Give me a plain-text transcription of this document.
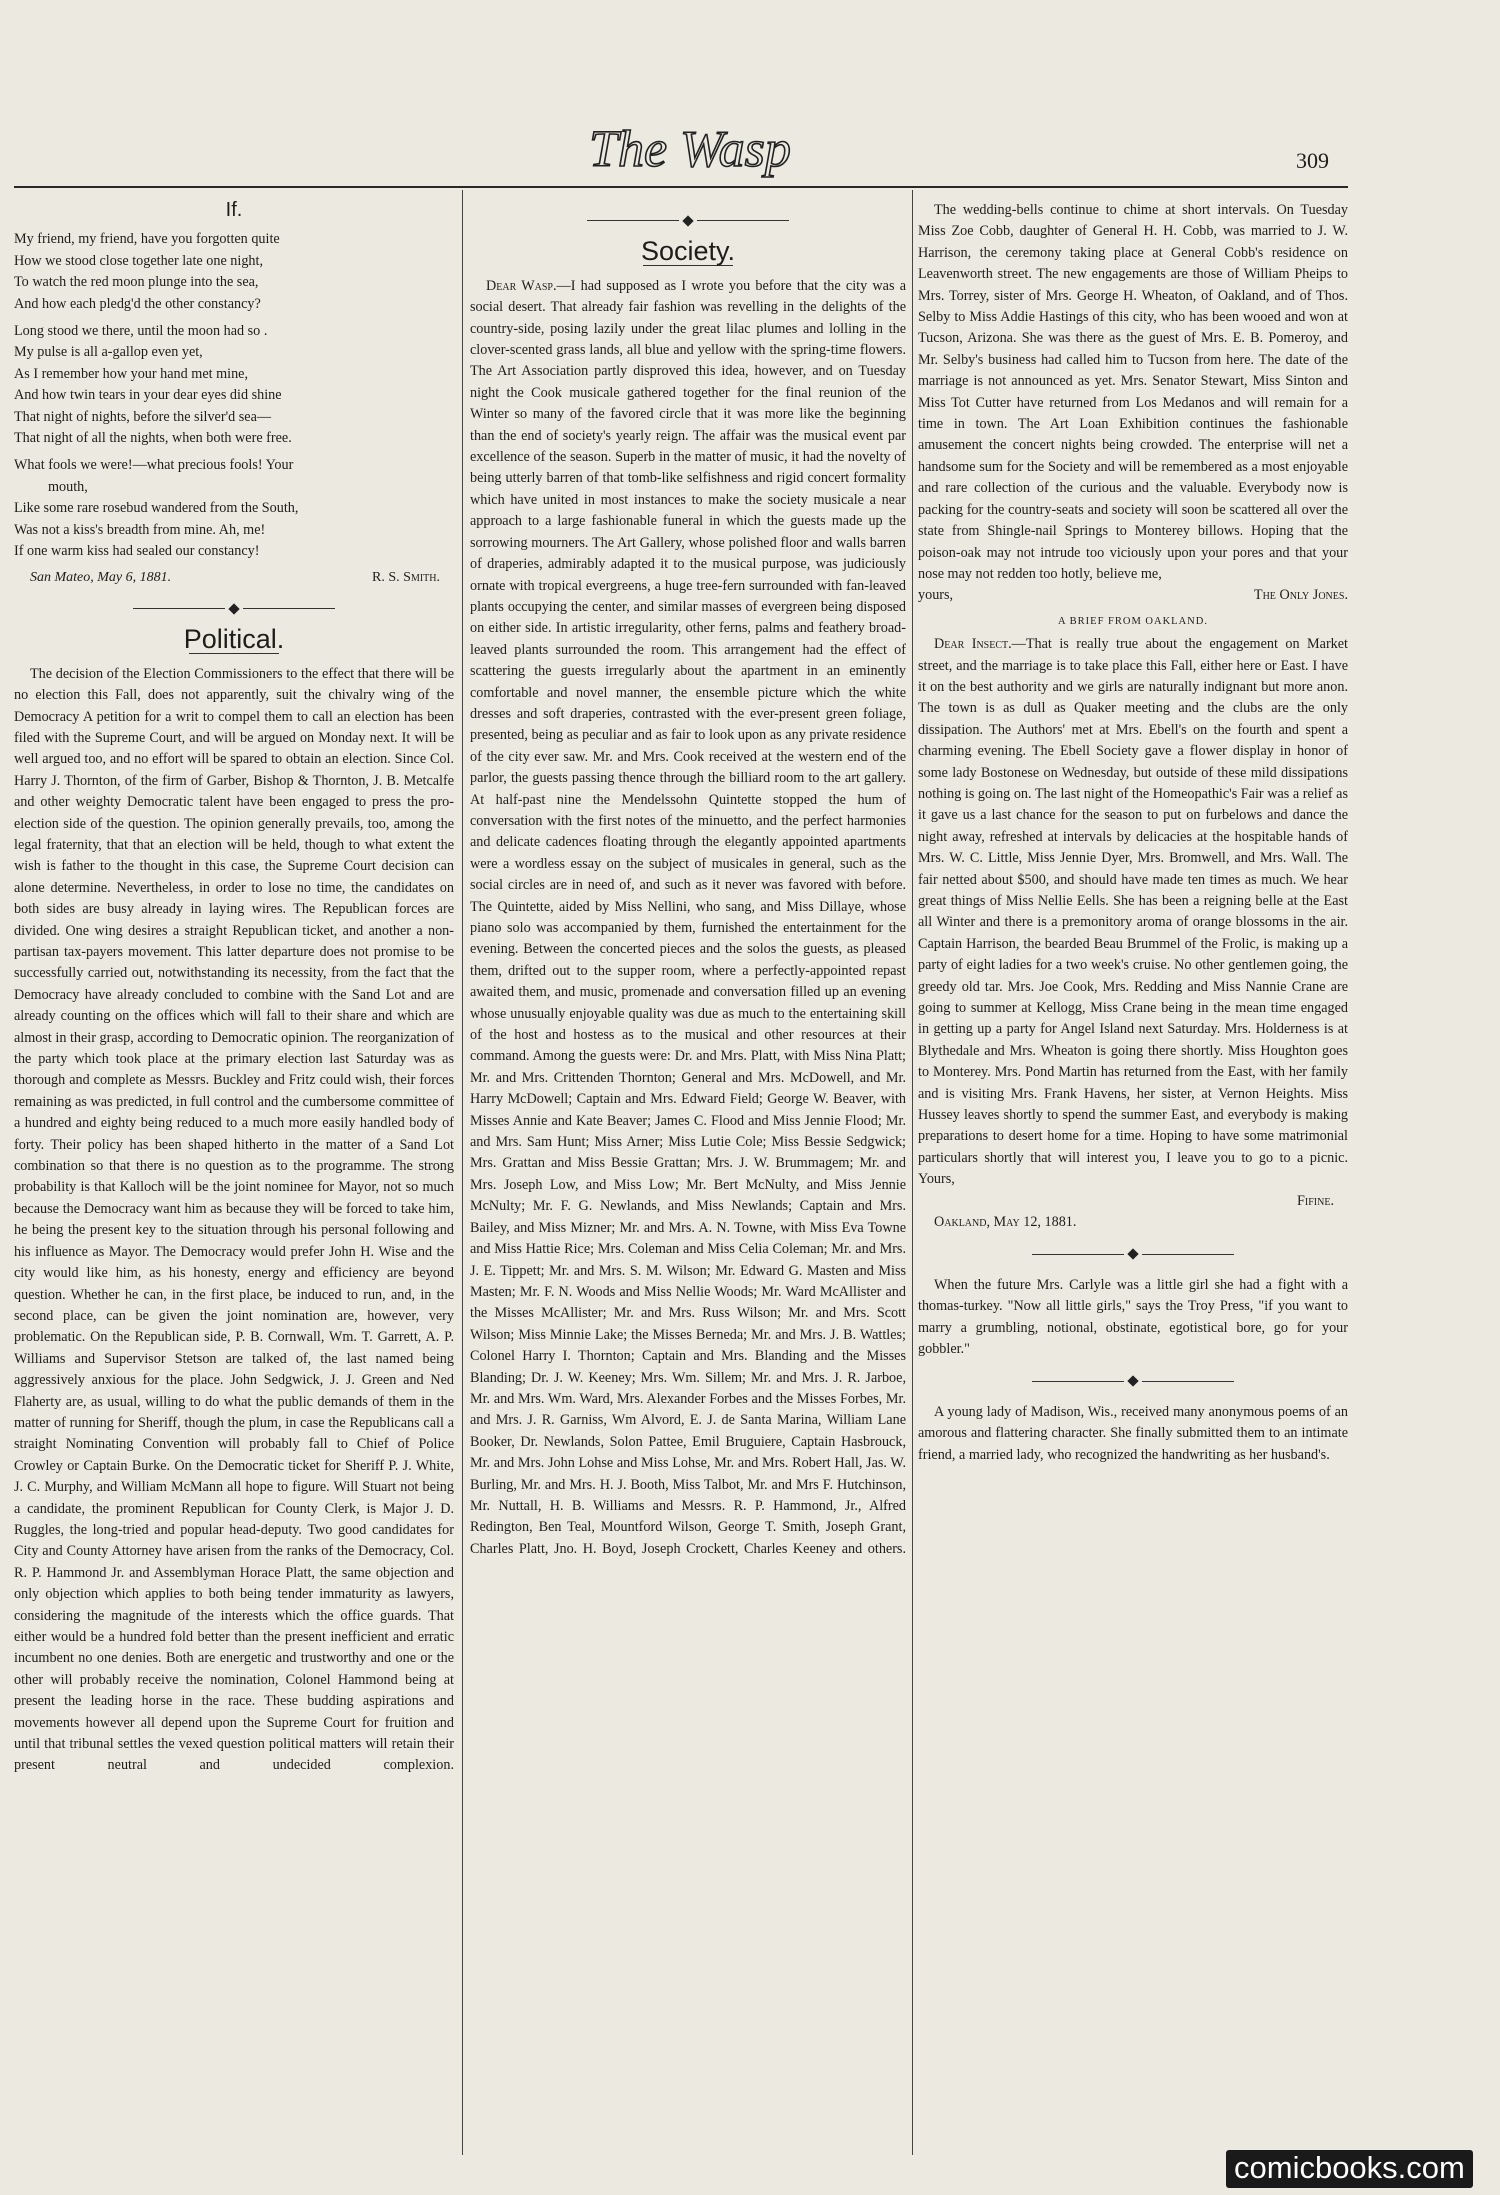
The Wasp	309
If.
My friend, my friend, have you forgotten quite
How we stood close together late one night,
To watch the red moon plunge into the sea,
And how each pledg'd the other constancy?
Long stood we there, until the moon had so .
My pulse is all a-gallop even yet,
As I remember how your hand met mine,
And how twin tears in your dear eyes did shine
That night of nights, before the silver'd sea—
That night of all the nights, when both were free.
What fools we were!—what precious fools! Your
mouth,
Like some rare rosebud wandered from the South,
Was not a kiss's breadth from mine. Ah, me!
If one warm kiss had sealed our constancy!
San Mateo, May 6, 1881.	R. S. Smith.
Political.

The decision of the Election Commissioners to the effect that there will be no election this Fall, does not apparently, suit the chivalry wing of the Democracy A petition for a writ to compel them to call an election has been filed with the Supreme Court, and will be argued on Monday next. It will be well argued too, and no effort will be spared to obtain an election. Since Col. Harry J. Thornton, of the firm of Garber, Bishop & Thornton, J. B. Metcalfe and other weighty Democratic talent have been engaged to press the pro-election side of the question. The opinion generally prevails, too, among the legal fraternity, that that an election will be held, though to what extent the wish is father to the thought in this case, the Supreme Court decision can alone determine. Nevertheless, in order to lose no time, the candidates on both sides are busy already in laying wires. The Republican forces are divided. One wing desires a straight Republican ticket, and another a non-partisan tax-payers movement. This latter departure does not promise to be successfully carried out, notwithstanding its necessity, from the fact that the Democracy have already concluded to combine with the Sand Lot and are already counting on the offices which will fall to their share and which are almost in their grasp, according to Democratic opinion. The reorganization of the party which took place at the primary election last Saturday was as thorough and complete as Messrs. Buckley and Fritz could wish, their forces remaining as was predicted, in full control and the cumbersome committee of a hundred and eighty being reduced to a much more easily handled body of forty. Their policy has been shaped hitherto in the matter of a Sand Lot combination so that there is no question as to the programme. The strong probability is that Kalloch will be the joint nominee for Mayor, not so much because the Democracy want him as because they will be forced to take him, he being the present key to the situation through his personal following and his influence as Mayor. The Democracy would prefer John H. Wise and the city would like him, as his honesty, energy and efficiency are beyond question. Whether he can, in the first place, be induced to run, and, in the second place, can be given the joint nomination are, however, very problematic. On the Republican side, P. B. Cornwall, Wm. T. Garrett, A. P. Williams and Supervisor Stetson are talked of, the last named being aggressively anxious for the place. John Sedgwick, J. J. Green and Ned Flaherty are, as usual, willing to do what the public demands of them in the matter of running for Sheriff, though the plum, in case the Republicans call a straight Nominating Convention will probably fall to Chief of Police Crowley or Captain Burke. On the Democratic ticket for Sheriff P. J. White, J. C. Murphy, and William McMann all hope to figure. Will Stuart not being a candidate, the prominent Republican for County Clerk, is Major J. D. Ruggles, the long-tried and popular head-deputy. Two good candidates for City and County Attorney have arisen from the ranks of the Democracy, Col. R. P. Hammond Jr. and Assemblyman Horace Platt, the same objection and only objection which applies to both being tender immaturity as lawyers, considering the magnitude of the interests which the office guards. That either would be a hundred fold better than the present inefficient and erratic incumbent no one denies. Both are energetic and trustworthy and one or the other will probably receive the nomination, Colonel Hammond being at present the leading horse in the race. These budding aspirations and movements however all depend upon the Supreme Court for fruition and until that tribunal settles the vexed question political matters will retain their present neutral and undecided complexion.

The wedding-bells continue to chime at short intervals. On Tuesday Miss Zoe Cobb, daughter of General H. H. Cobb, was married to J. W. Harrison, the ceremony taking place at General Cobb's residence on Leavenworth street. The new engagements are those of William Pheips to Mrs. Torrey, sister of Mrs. George H. Wheaton, of Oakland, and of Thos. Selby to Miss Addie Hastings of this city, who has been wooed and won at Tucson, Arizona. She was there as the guest of Mrs. E. B. Pomeroy, and Mr. Selby's business had called him to Tucson from here. The date of the marriage is not announced as yet. Mrs. Senator Stewart, Miss Sinton and Miss Tot Cutter have returned from Los Medanos and will remain for a time in town. The Art Loan Exhibition continues the fashionable amusement the concert nights being crowded. The enterprise will net a handsome sum for the Society and will be remembered as a most enjoyable and rare collection of the curious and the valuable. Everybody now is packing for the country-seats and society will soon be scattered all over the state from Shingle-nail Springs to Monterey billows. Hoping that the poison-oak may not intrude too viciously upon your pores and that your nose may not redden too hotly, believe me,

yours,	The Only Jones.
A BRIEF FROM OAKLAND.

Dear Insect.—That is really true about the engagement on Market street, and the marriage is to take place this Fall, either here or East. I have it on the best authority and we girls are naturally indignant but more anon. The town is as dull as Quaker meeting and the clubs are the only dissipation. The Authors' met at Mrs. Ebell's on the fourth and spent a charming evening. The Ebell Society gave a flower display in honor of some lady Bostonese on Wednesday, but outside of these mild dissipations nothing is going on. The last night of the Homeopathic's Fair was a relief as it gave us a last chance for the season to put on furbelows and dance the night away, refreshed at intervals by delicacies at the hospitable hands of Mrs. W. C. Little, Miss Jennie Dyer, Mrs. Bromwell, and Mrs. Wall. The fair netted about $500, and should have made ten times as much. We hear great things of Miss Nellie Eells. She has been a reigning belle at the East all Winter and there is a premonitory aroma of orange blossoms in the air. Captain Harrison, the bearded Beau Brummel of the Frolic, is making up a party of eight ladies for a two week's cruise. No other gentlemen going, the greedy old tar. Mrs. Joe Cook, Mrs. Redding and Miss Nannie Crane are going to summer at Kellogg, Miss Crane being in the mean time engaged in getting up a party for Angel Island next Saturday. Mrs. Holderness is at Blythedale and Mrs. Wheaton is going there shortly. Miss Houghton goes to Monterey. Mrs. Pond Martin has returned from the East, with her family and is visiting Mrs. Frank Havens, her sister, at Vernon Heights. Miss Hussey leaves shortly to spend the summer East, and everybody is making preparations to desert home for a time. Hoping to have some matrimonial particulars shortly that will interest you, I leave you to go to a picnic. Yours,

Fifine.

Oakland, May 12, 1881.

When the future Mrs. Carlyle was a little girl she had a fight with a thomas-turkey. "Now all little girls," says the Troy Press, "if you want to marry a grumbling, notional, obstinate, egotistical bore, go for your gobbler."

A young lady of Madison, Wis., received many anonymous poems of an amorous and flattering character. She finally submitted them to an intimate friend, a married lady, who recognized the handwriting as her husband's.

Society.

Dear Wasp.—I had supposed as I wrote you before that the city was a social desert. That already fair fashion was revelling in the delights of the country-side, posing lazily under the great lilac plumes and lolling in the clover-scented grass lands, all blue and yellow with the spring-time flowers. The Art Association partly disproved this idea, however, and on Tuesday night the Cook musicale gathered together for the final reunion of the Winter so many of the favored circle that it was more like the beginning than the end of society's yearly reign. The affair was the musical event par excellence of the season. Superb in the matter of music, it had the novelty of being utterly barren of that tomb-like selfishness and rigid concert formality which have united in most instances to make the society musicale a near approach to a large fashionable funeral in which the guests made up the sorrowing mourners. The Art Gallery, whose polished floor and walls barren of draperies, admirably adapted it to the musical purpose, was judiciously ornate with tropical evergreens, a huge tree-fern surrounded with fan-leaved plants occupying the center, and similar masses of evergreen being disposed on either side. In artistic irregularity, other ferns, palms and feathery broad-leaved plants surrounded the room. This arrangement had the effect of scattering the guests irregularly about the apartment in an eminently comfortable and novel manner, the ensemble picture which the white dresses and soft draperies, contrasted with the ever-present green foliage, presented, being as peculiar and as fair to look upon as any private residence of the city ever saw. Mr. and Mrs. Cook received at the western end of the parlor, the guests passing thence through the billiard room to the art gallery. At half-past nine the Mendelssohn Quintette stopped the hum of conversation with the first notes of the minuetto, and the perfect harmonies and delicate cadences floating through the elegantly appointed apartments were a wordless essay on the subject of musicales in general, such as the social circles are in need of, and such as it never was favored with before. The Quintette, aided by Miss Nellini, who sang, and Miss Dillaye, whose piano solo was accompanied by them, furnished the entertainment for the evening. Between the concerted pieces and the solos the guests, as pleased them, drifted out to the supper room, where a perfectly-appointed repast awaited them, and music, promenade and conversation filled up an evening whose unusually enjoyable quality was due as much to the entertaining skill of the host and hostess as to the musical and other resources at their command. Among the guests were: Dr. and Mrs. Platt, with Miss Nina Platt; Mr. and Mrs. Crittenden Thornton; General and Mrs. McDowell, and Mr. Harry McDowell; Captain and Mrs. Edward Field; George W. Beaver, with Misses Annie and Kate Beaver; James C. Flood and Miss Jennie Flood; Mr. and Mrs. Sam Hunt; Miss Arner; Miss Lutie Cole; Miss Bessie Sedgwick; Mrs. Grattan and Miss Bessie Grattan; Mrs. J. W. Brummagem; Mr. and Mrs. Joseph Low, and Miss Low; Mr. Bert McNulty, and Miss Jennie McNulty; Mr. F. G. Newlands, and Miss Newlands; Captain and Mrs. Bailey, and Miss Mizner; Mr. and Mrs. A. N. Towne, with Miss Eva Towne and Miss Hattie Rice; Mrs. Coleman and Miss Celia Coleman; Mr. and Mrs. J. E. Tippett; Mr. and Mrs. S. M. Wilson; Mr. Edward G. Masten and Miss Masten; Mr. F. N. Woods and Miss Nellie Woods; Mr. Ward McAllister and the Misses McAllister; Mr. and Mrs. Russ Wilson; Mr. and Mrs. Scott Wilson; Miss Minnie Lake; the Misses Berneda; Mr. and Mrs. J. B. Wattles; Colonel Harry I. Thornton; Captain and Mrs. Blanding and the Misses Blanding; Dr. J. W. Keeney; Mrs. Wm. Sillem; Mr. and Mrs. J. R. Jarboe, Mr. and Mrs. Wm. Ward, Mrs. Alexander Forbes and the Misses Forbes, Mr. and Mrs. J. R. Garniss, Wm Alvord, E. J. de Santa Marina, William Lane Booker, Dr. Newlands, Solon Pattee, Emil Bruguiere, Captain Hasbrouck, Mr. and Mrs. John Lohse and Miss Lohse, Mr. and Mrs. Robert Hall, Jas. W. Burling, Mr. and Mrs. H. J. Booth, Miss Talbot, Mr. and Mrs F. Hutchinson, Mr. Nuttall, H. B. Williams and Messrs. R. P. Hammond, Jr., Alfred Redington, Ben Teal, Mountford Wilson, George T. Smith, Joseph Grant, Charles Platt, Jno. H. Boyd, Joseph Crockett, Charles Keeney and others.

comicbooks.com
